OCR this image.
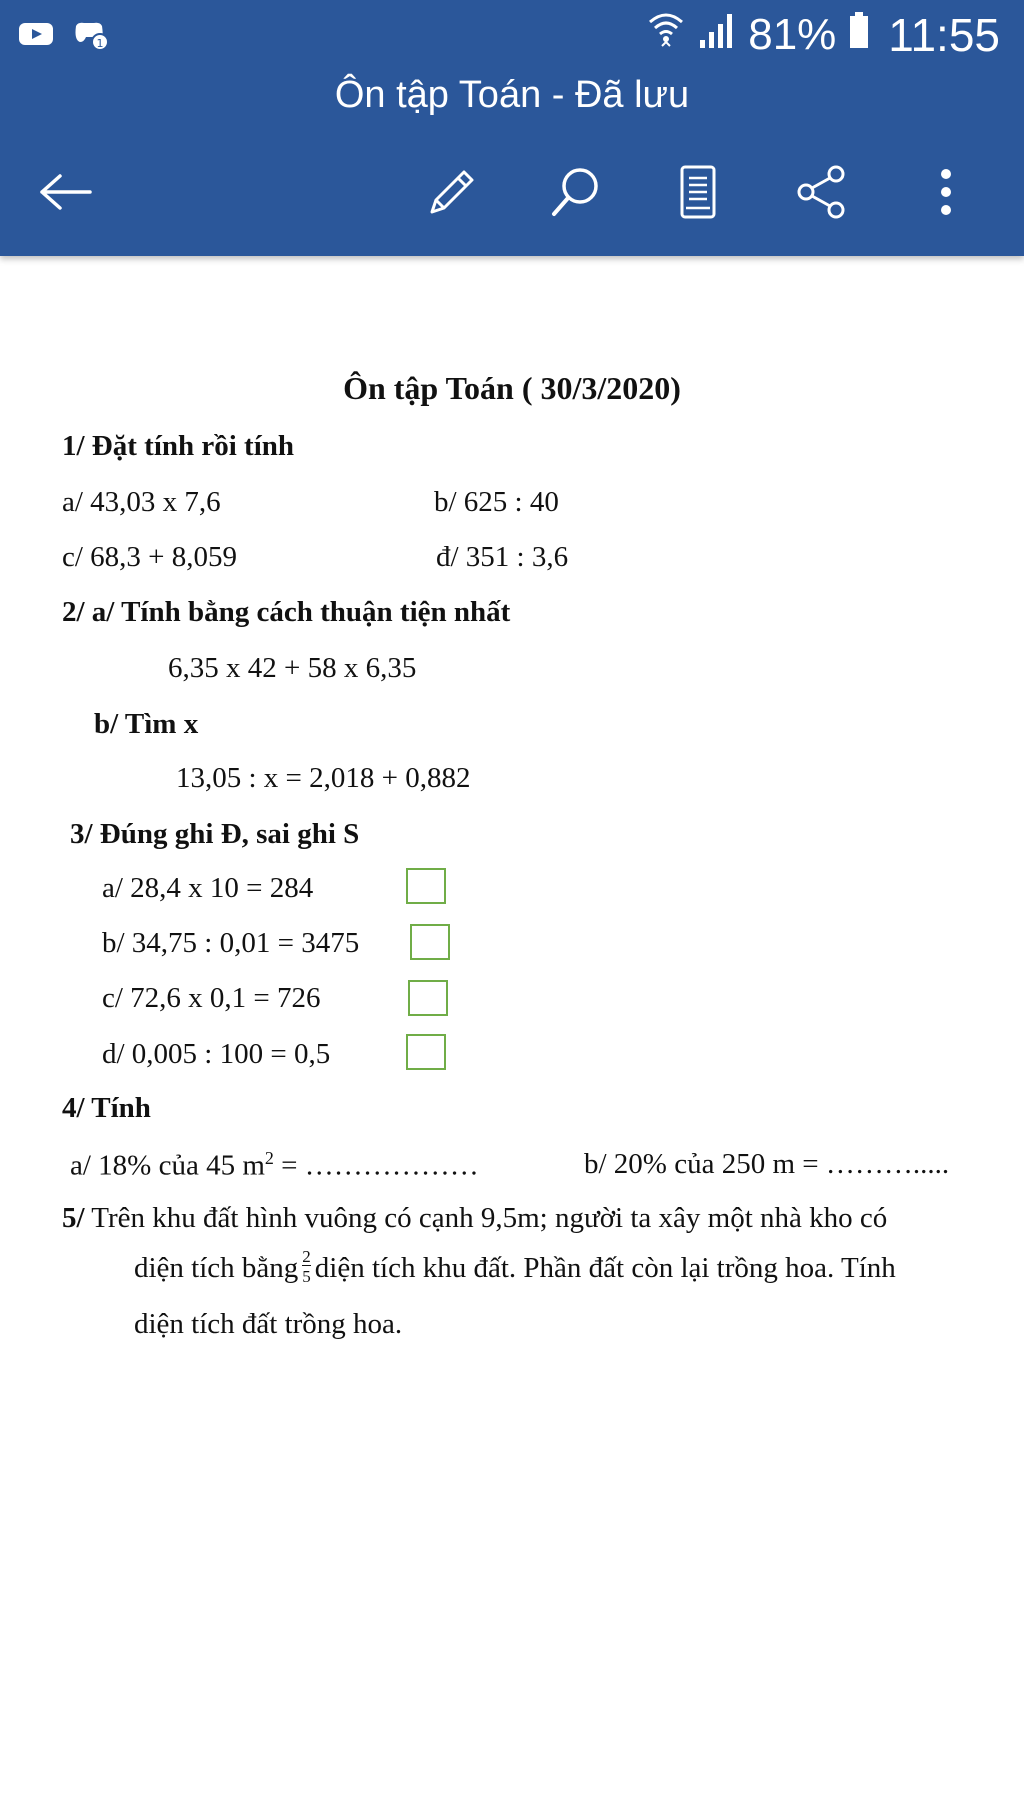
1	81% 11:55
Ôn tập Toán - Đã lưu
Ôn tập Toán ( 30/3/2020)
1/ Đặt tính rồi tính
a/ 43,03 x 7,6	b/ 625 : 40
c/ 68,3 + 8,059	đ/ 351 : 3,6
2/ a/ Tính bằng cách thuận tiện nhất
6,35 x 42 + 58 x 6,35
b/ Tìm x
13,05 : x = 2,018 + 0,882
3/ Đúng ghi Đ, sai ghi S
a/ 28,4 x 10 = 284
b/ 34,75 : 0,01 = 3475
c/ 72,6 x 0,1 = 726
d/ 0,005 : 100 = 0,5
4/ Tính
a/ 18% của 45 $m^2$ = ………………	b/ 20% của 250 m = ……….....
5/ Trên khu đất hình vuông có cạnh 9,5m; người ta xây một nhà kho có
diện tích bằng $\frac{2}{5}$ diện tích khu đất. Phần đất còn lại trồng hoa. Tính
diện tích đất trồng hoa.
